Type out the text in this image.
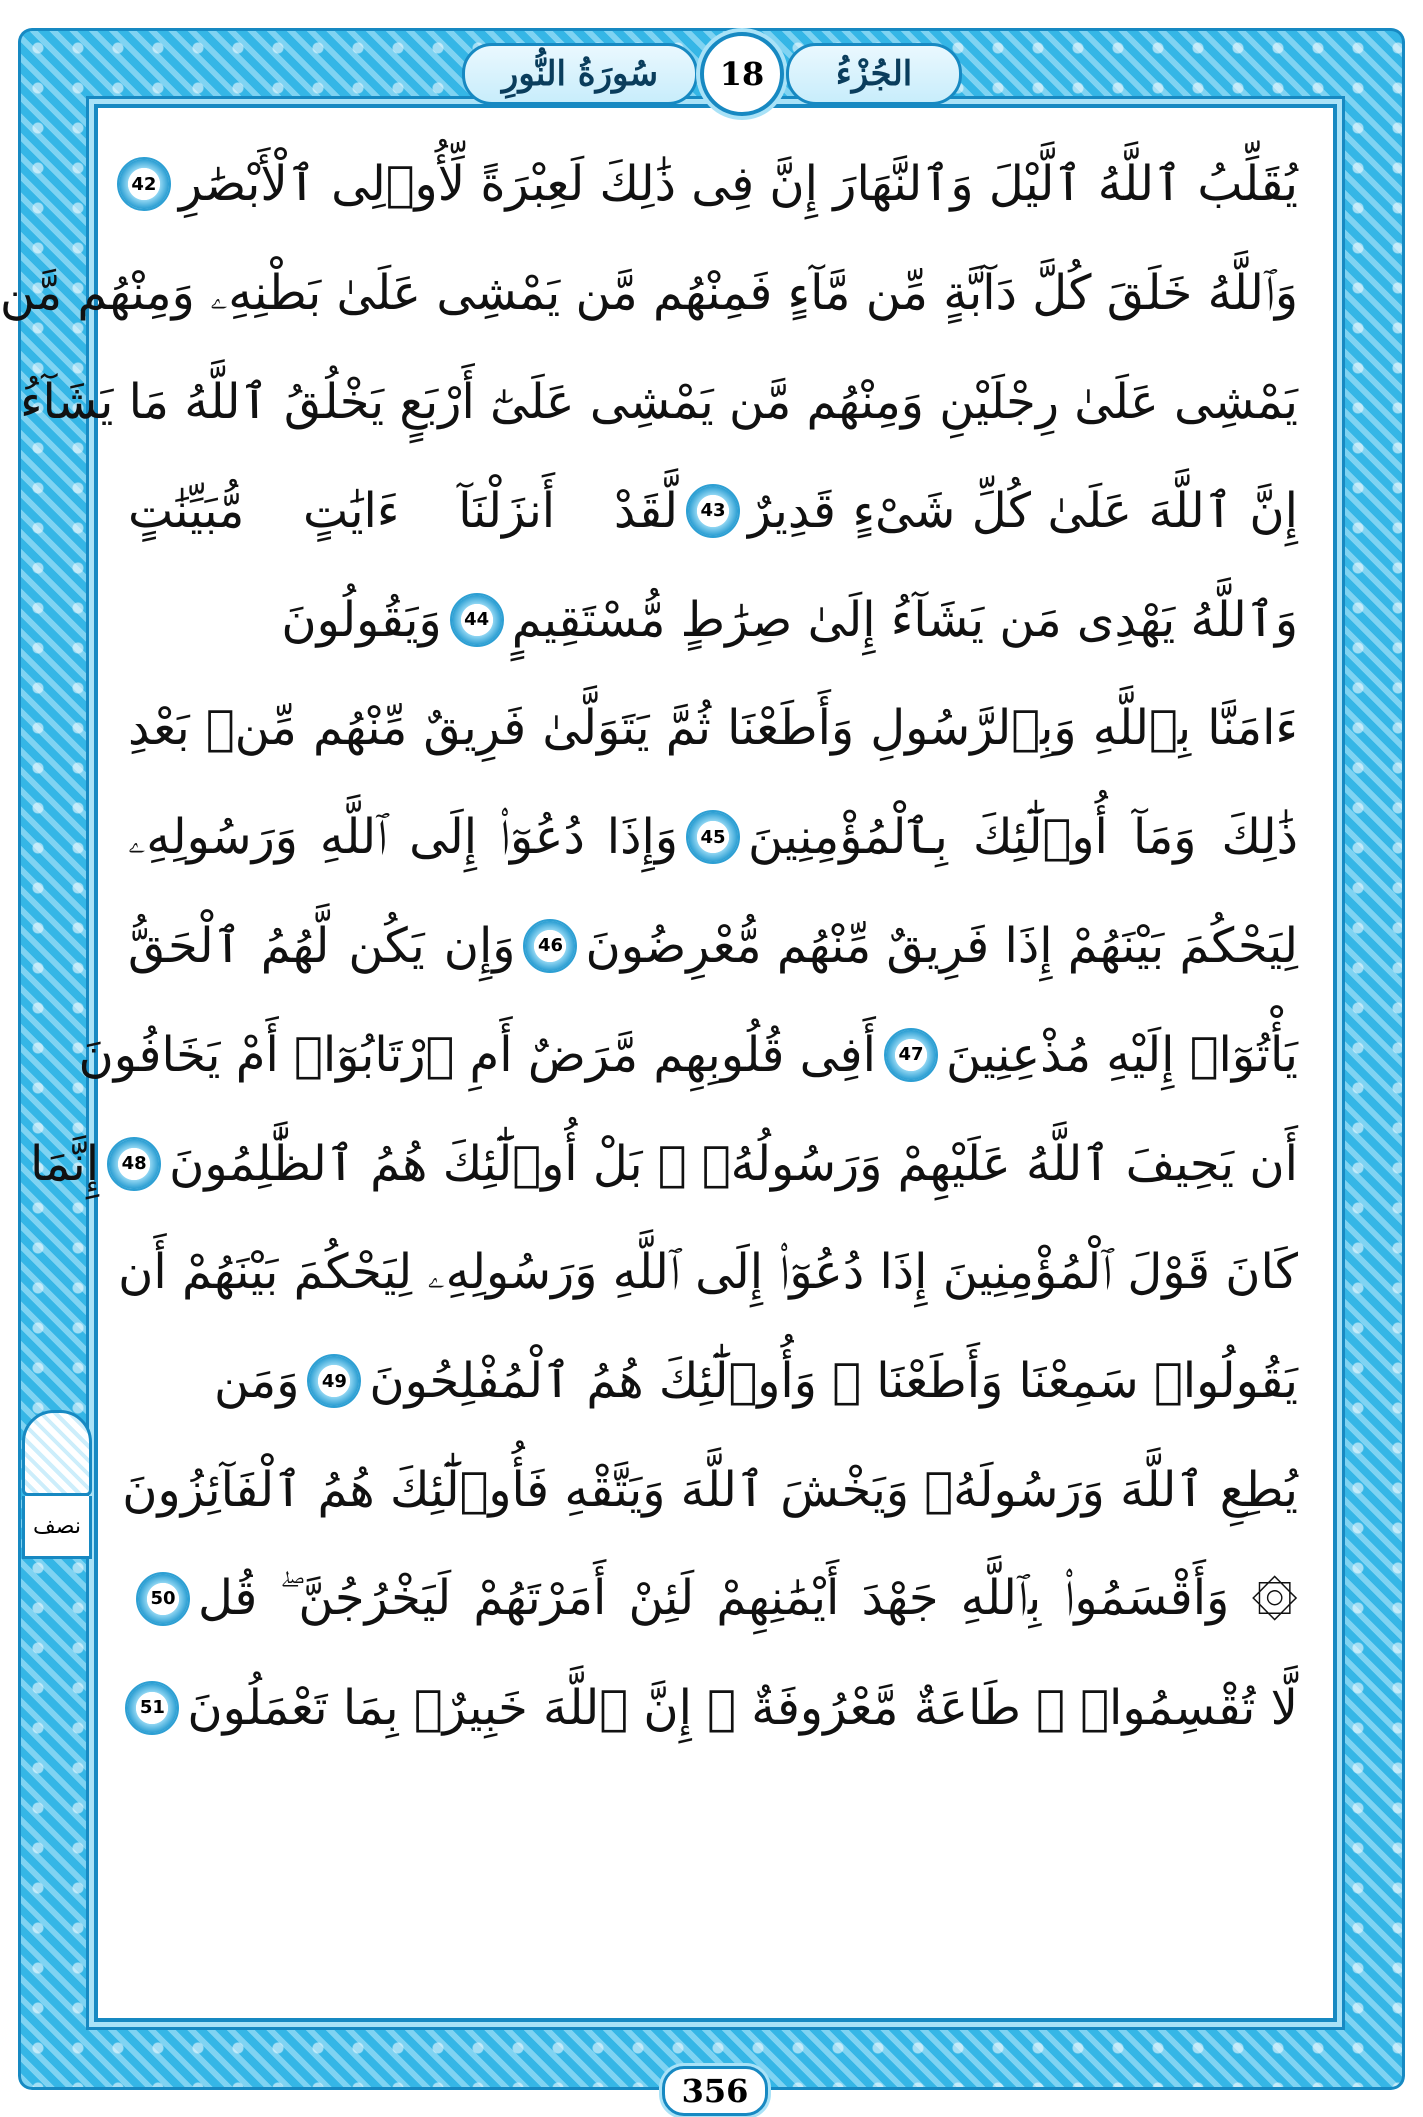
سُورَةُ النُّورِ	18	الجُزْءُ
يُقَلِّبُ ٱللَّهُ ٱلَّيْلَ وَٱلنَّهَارَ إِنَّ فِى ذَٰلِكَ لَعِبْرَةً لِّأُو۟لِى ٱلْأَبْصَٰرِ
42
وَٱللَّهُ خَلَقَ كُلَّ دَآبَّةٍ مِّن مَّآءٍ فَمِنْهُم مَّن يَمْشِى عَلَىٰ بَطْنِهِۦ وَمِنْهُم مَّن
يَمْشِى عَلَىٰ رِجْلَيْنِ وَمِنْهُم مَّن يَمْشِى عَلَىٰٓ أَرْبَعٍ يَخْلُقُ ٱللَّهُ مَا يَشَآءُ
إِنَّ ٱللَّهَ عَلَىٰ كُلِّ شَىْءٍ قَدِيرٌ
43
لَّقَدْ أَنزَلْنَآ ءَايَٰتٍ مُّبَيِّنَٰتٍ
وَٱللَّهُ يَهْدِى مَن يَشَآءُ إِلَىٰ صِرَٰطٍ مُّسْتَقِيمٍ
44
وَيَقُولُونَ
ءَامَنَّا بِٱللَّهِ وَبِٱلرَّسُولِ وَأَطَعْنَا ثُمَّ يَتَوَلَّىٰ فَرِيقٌ مِّنْهُم مِّنۢ بَعْدِ
ذَٰلِكَ وَمَآ أُو۟لَٰٓئِكَ بِٱلْمُؤْمِنِينَ
45
وَإِذَا دُعُوٓا۟ إِلَى ٱللَّهِ وَرَسُولِهِۦ
لِيَحْكُمَ بَيْنَهُمْ إِذَا فَرِيقٌ مِّنْهُم مُّعْرِضُونَ
46
وَإِن يَكُن لَّهُمُ ٱلْحَقُّ
يَأْتُوٓا۟ إِلَيْهِ مُذْعِنِينَ
47
أَفِى قُلُوبِهِم مَّرَضٌ أَمِ ٱرْتَابُوٓا۟ أَمْ يَخَافُونَ
أَن يَحِيفَ ٱللَّهُ عَلَيْهِمْ وَرَسُولُهُۥ ۚ بَلْ أُو۟لَٰٓئِكَ هُمُ ٱلظَّٰلِمُونَ
48
إِنَّمَا
كَانَ قَوْلَ ٱلْمُؤْمِنِينَ إِذَا دُعُوٓا۟ إِلَى ٱللَّهِ وَرَسُولِهِۦ لِيَحْكُمَ بَيْنَهُمْ أَن
يَقُولُوا۟ سَمِعْنَا وَأَطَعْنَا ۚ وَأُو۟لَٰٓئِكَ هُمُ ٱلْمُفْلِحُونَ
49
وَمَن
يُطِعِ ٱللَّهَ وَرَسُولَهُۥ وَيَخْشَ ٱللَّهَ وَيَتَّقْهِ فَأُو۟لَٰٓئِكَ هُمُ ٱلْفَآئِزُونَ
۞ وَأَقْسَمُوا۟ بِٱللَّهِ جَهْدَ أَيْمَٰنِهِمْ لَئِنْ أَمَرْتَهُمْ لَيَخْرُجُنَّ ۖ قُل
50
لَّا تُقْسِمُوا۟ ۖ طَاعَةٌ مَّعْرُوفَةٌ ۚ إِنَّ ٱللَّهَ خَبِيرٌۢ بِمَا تَعْمَلُونَ
51
نصف
356
